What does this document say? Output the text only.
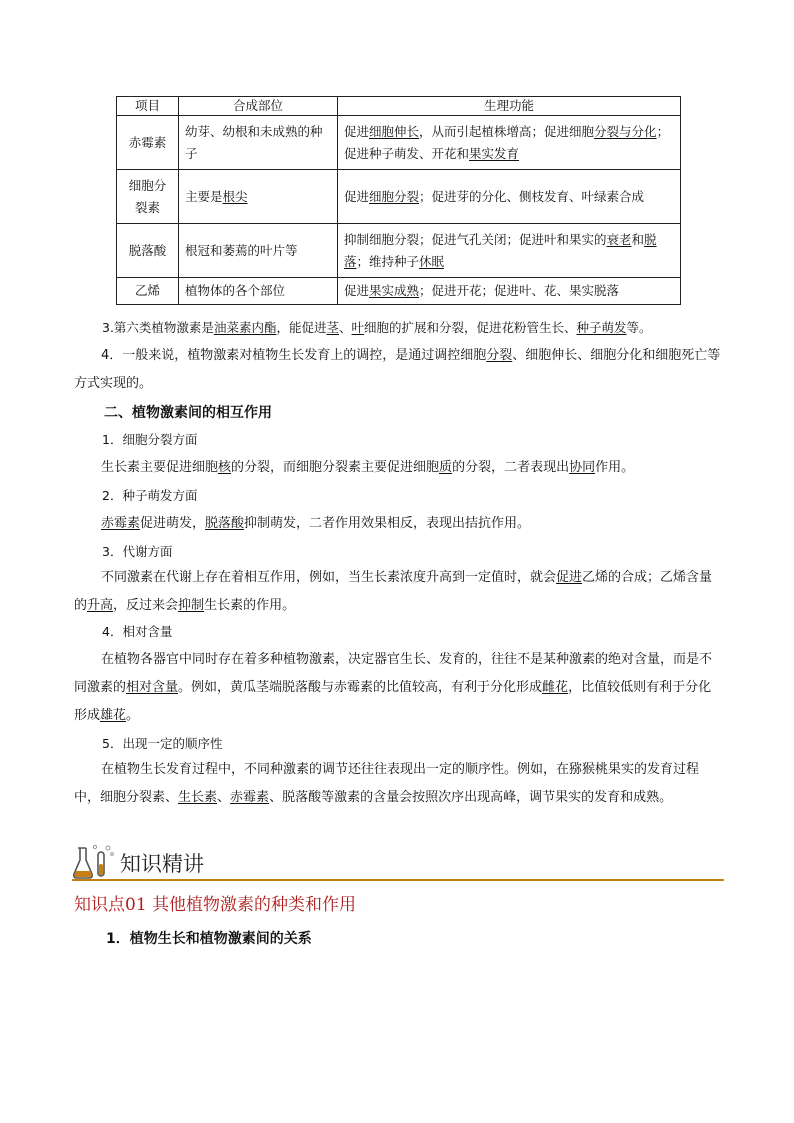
项目	合成部位	生理功能
赤霉素	幼芽、幼根和未成熟的种子	促进细胞伸长，从而引起植株增高；促进细胞分裂与分化；促进种子萌发、开花和果实发育
细胞分裂素	主要是根尖	促进细胞分裂；促进芽的分化、侧枝发育、叶绿素合成
脱落酸	根冠和萎蔫的叶片等	抑制细胞分裂；促进气孔关闭；促进叶和果实的衰老和脱落；维持种子休眠
乙烯	植物体的各个部位	促进果实成熟；促进开花；促进叶、花、果实脱落
3.第六类植物激素是油菜素内酯，能促进茎、叶细胞的扩展和分裂，促进花粉管生长、种子萌发等。
4．一般来说，植物激素对植物生长发育上的调控，是通过调控细胞分裂、细胞伸长、细胞分化和细胞死亡等方式实现的。
二、植物激素间的相互作用
1．细胞分裂方面
生长素主要促进细胞核的分裂，而细胞分裂素主要促进细胞质的分裂，二者表现出协同作用。
2．种子萌发方面
赤霉素促进萌发，脱落酸抑制萌发，二者作用效果相反，表现出拮抗作用。
3．代谢方面
不同激素在代谢上存在着相互作用，例如，当生长素浓度升高到一定值时，就会促进乙烯的合成；乙烯含量的升高，反过来会抑制生长素的作用。
4．相对含量
在植物各器官中同时存在着多种植物激素，决定器官生长、发育的，往往不是某种激素的绝对含量，而是不同激素的相对含量。例如，黄瓜茎端脱落酸与赤霉素的比值较高，有利于分化形成雌花，比值较低则有利于分化形成雄花。
5．出现一定的顺序性
在植物生长发育过程中，不同种激素的调节还往往表现出一定的顺序性。例如，在猕猴桃果实的发育过程中，细胞分裂素、生长素、赤霉素、脱落酸等激素的含量会按照次序出现高峰，调节果实的发育和成熟。
知识精讲
知识点01 其他植物激素的种类和作用
1．植物生长和植物激素间的关系
